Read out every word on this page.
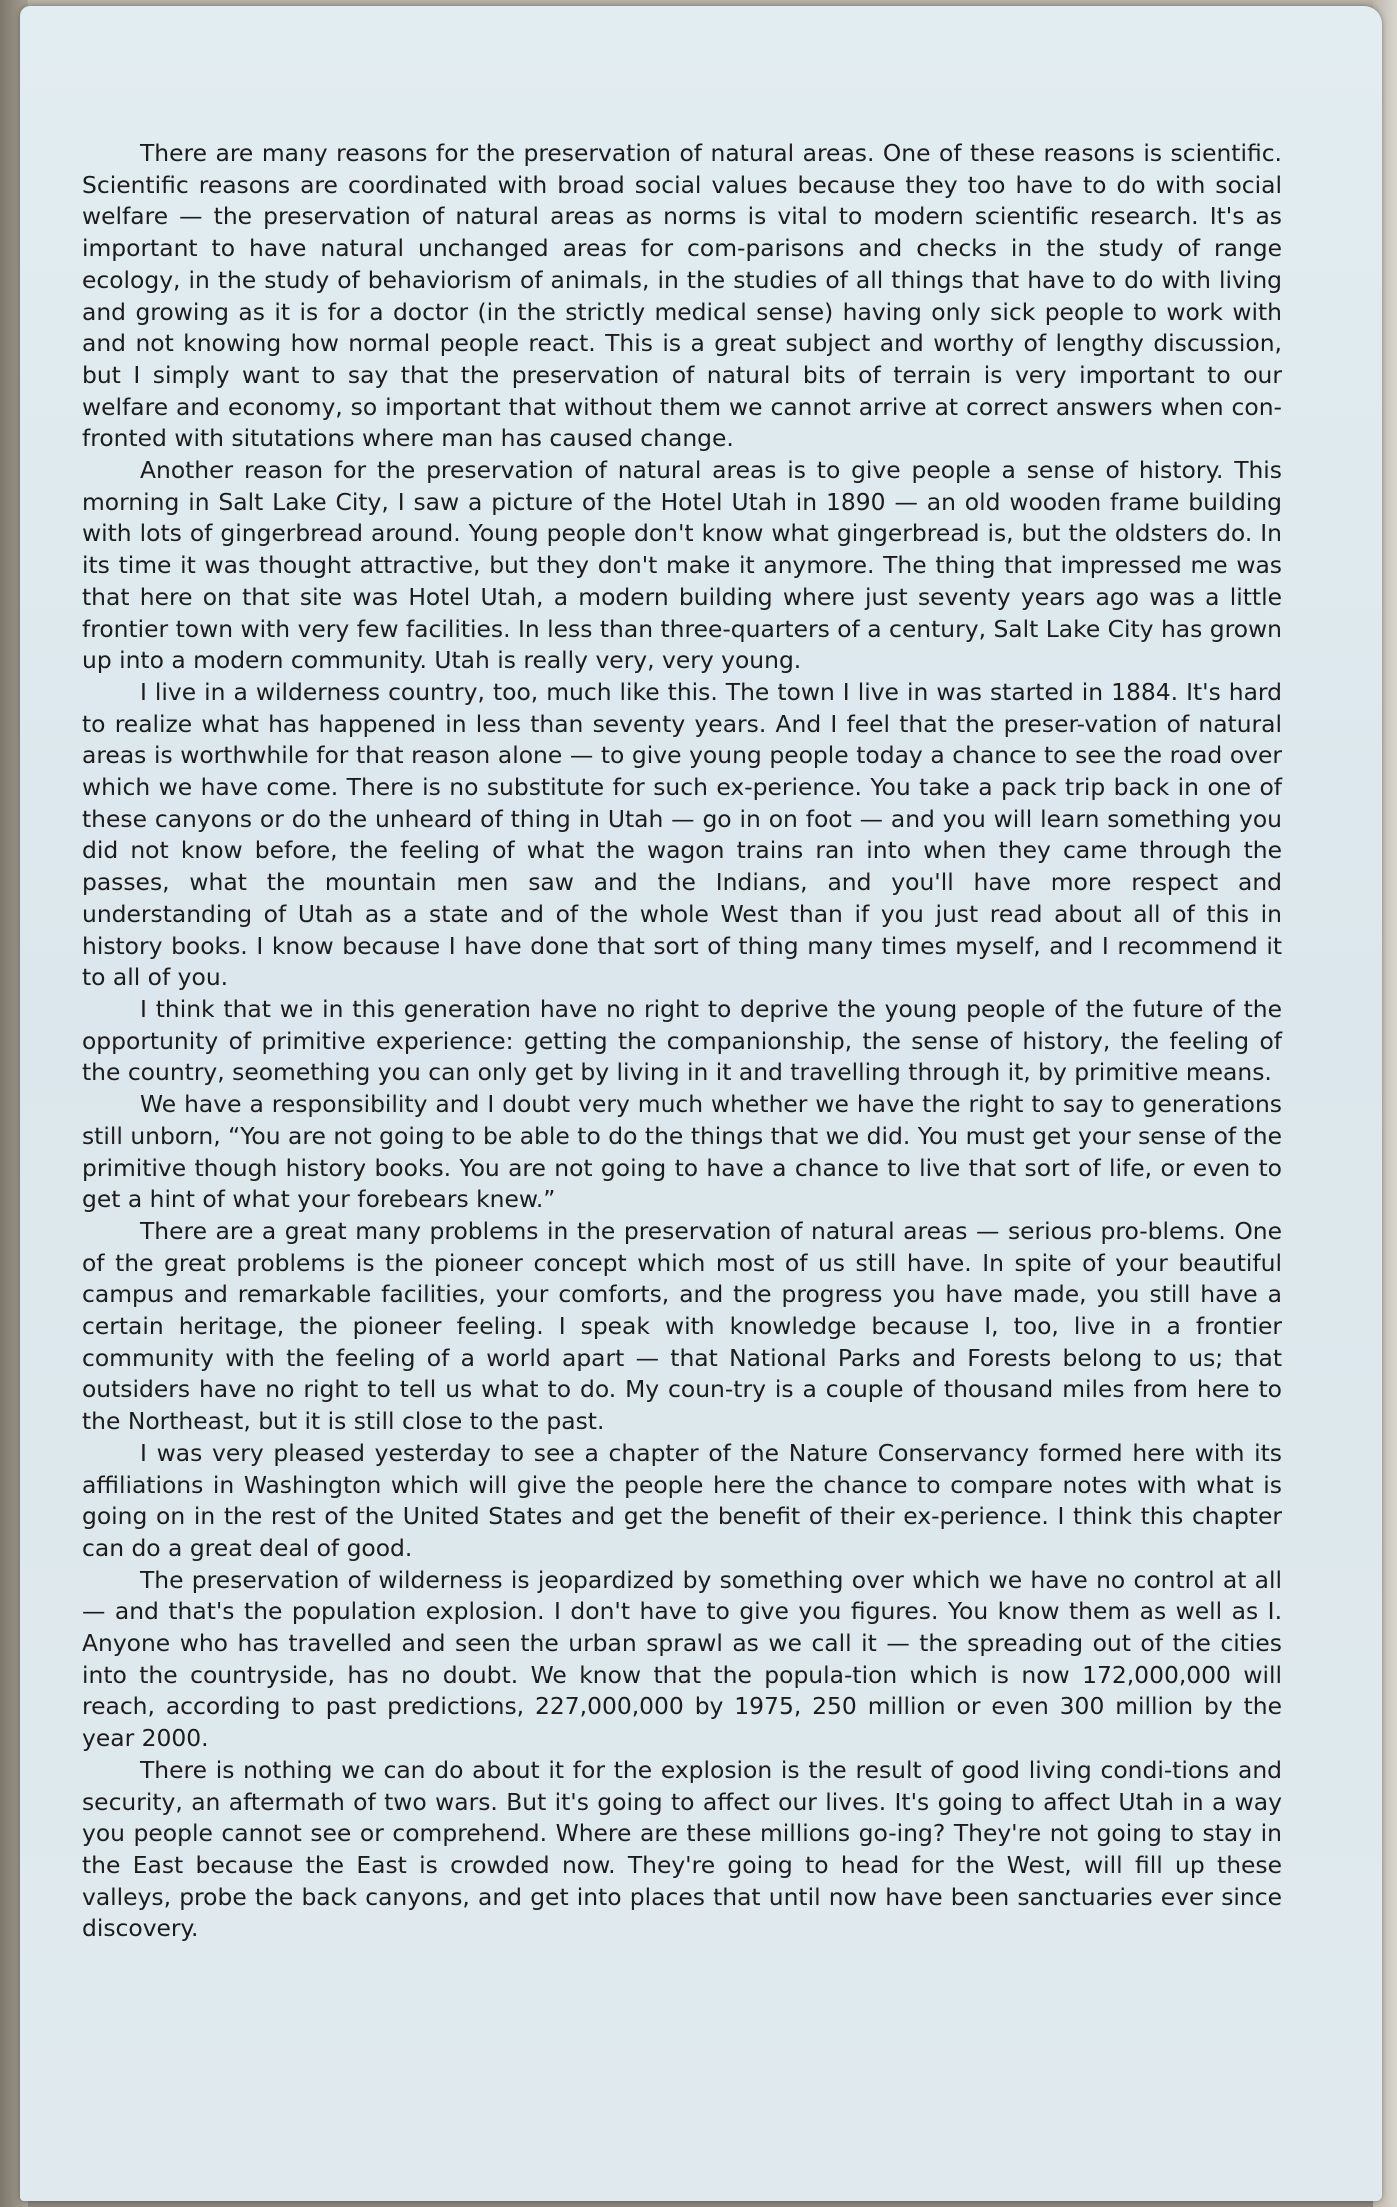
There are many reasons for the preservation of natural areas. One of these reasons is scientific. Scientific reasons are coordinated with broad social values because they too have to do with social welfare — the preservation of natural areas as norms is vital to modern scientific research. It's as important to have natural unchanged areas for com-parisons and checks in the study of range ecology, in the study of behaviorism of animals, in the studies of all things that have to do with living and growing as it is for a doctor (in the strictly medical sense) having only sick people to work with and not knowing how normal people react. This is a great subject and worthy of lengthy discussion, but I simply want to say that the preservation of natural bits of terrain is very important to our welfare and economy, so important that without them we cannot arrive at correct answers when con-fronted with situtations where man has caused change.

Another reason for the preservation of natural areas is to give people a sense of history. This morning in Salt Lake City, I saw a picture of the Hotel Utah in 1890 — an old wooden frame building with lots of gingerbread around. Young people don't know what gingerbread is, but the oldsters do. In its time it was thought attractive, but they don't make it anymore. The thing that impressed me was that here on that site was Hotel Utah, a modern building where just seventy years ago was a little frontier town with very few facilities. In less than three-quarters of a century, Salt Lake City has grown up into a modern community. Utah is really very, very young.

I live in a wilderness country, too, much like this. The town I live in was started in 1884. It's hard to realize what has happened in less than seventy years. And I feel that the preser-vation of natural areas is worthwhile for that reason alone — to give young people today a chance to see the road over which we have come. There is no substitute for such ex-perience. You take a pack trip back in one of these canyons or do the unheard of thing in Utah — go in on foot — and you will learn something you did not know before, the feeling of what the wagon trains ran into when they came through the passes, what the mountain men saw and the Indians, and you'll have more respect and understanding of Utah as a state and of the whole West than if you just read about all of this in history books. I know because I have done that sort of thing many times myself, and I recommend it to all of you.

I think that we in this generation have no right to deprive the young people of the future of the opportunity of primitive experience: getting the companionship, the sense of history, the feeling of the country, seomething you can only get by living in it and travelling through it, by primitive means.

We have a responsibility and I doubt very much whether we have the right to say to generations still unborn, “You are not going to be able to do the things that we did. You must get your sense of the primitive though history books. You are not going to have a chance to live that sort of life, or even to get a hint of what your forebears knew.”

There are a great many problems in the preservation of natural areas — serious pro-blems. One of the great problems is the pioneer concept which most of us still have. In spite of your beautiful campus and remarkable facilities, your comforts, and the progress you have made, you still have a certain heritage, the pioneer feeling. I speak with knowledge because I, too, live in a frontier community with the feeling of a world apart — that National Parks and Forests belong to us; that outsiders have no right to tell us what to do. My coun-try is a couple of thousand miles from here to the Northeast, but it is still close to the past.

I was very pleased yesterday to see a chapter of the Nature Conservancy formed here with its affiliations in Washington which will give the people here the chance to compare notes with what is going on in the rest of the United States and get the benefit of their ex-perience. I think this chapter can do a great deal of good.

The preservation of wilderness is jeopardized by something over which we have no control at all — and that's the population explosion. I don't have to give you figures. You know them as well as I. Anyone who has travelled and seen the urban sprawl as we call it — the spreading out of the cities into the countryside, has no doubt. We know that the popula-tion which is now 172,000,000 will reach, according to past predictions, 227,000,000 by 1975, 250 million or even 300 million by the year 2000.

There is nothing we can do about it for the explosion is the result of good living condi-tions and security, an aftermath of two wars. But it's going to affect our lives. It's going to affect Utah in a way you people cannot see or comprehend. Where are these millions go-ing? They're not going to stay in the East because the East is crowded now. They're going to head for the West, will fill up these valleys, probe the back canyons, and get into places that until now have been sanctuaries ever since discovery.
